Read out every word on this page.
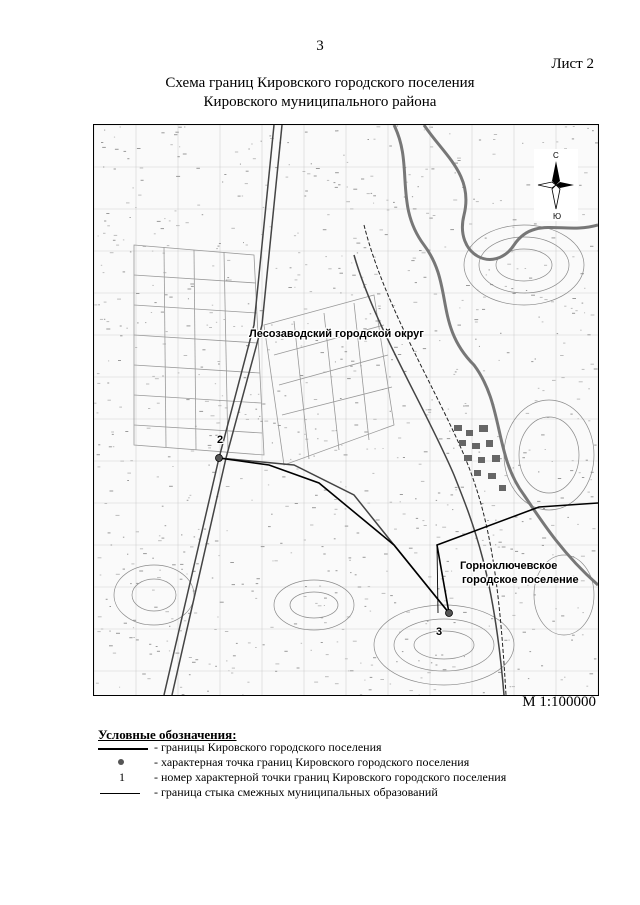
3
Лист 2
Схема границ Кировского городского поселения
Кировского муниципального района
2
3
Лесозаводский городской округ
Горноключевское
городское поселение
С
Ю
М 1:100000
Условные обозначения:
- границы Кировского городского поселения
- характерная точка границ Кировского городского поселения
1	- номер характерной точки границ Кировского городского поселения
- граница стыка смежных муниципальных образований
